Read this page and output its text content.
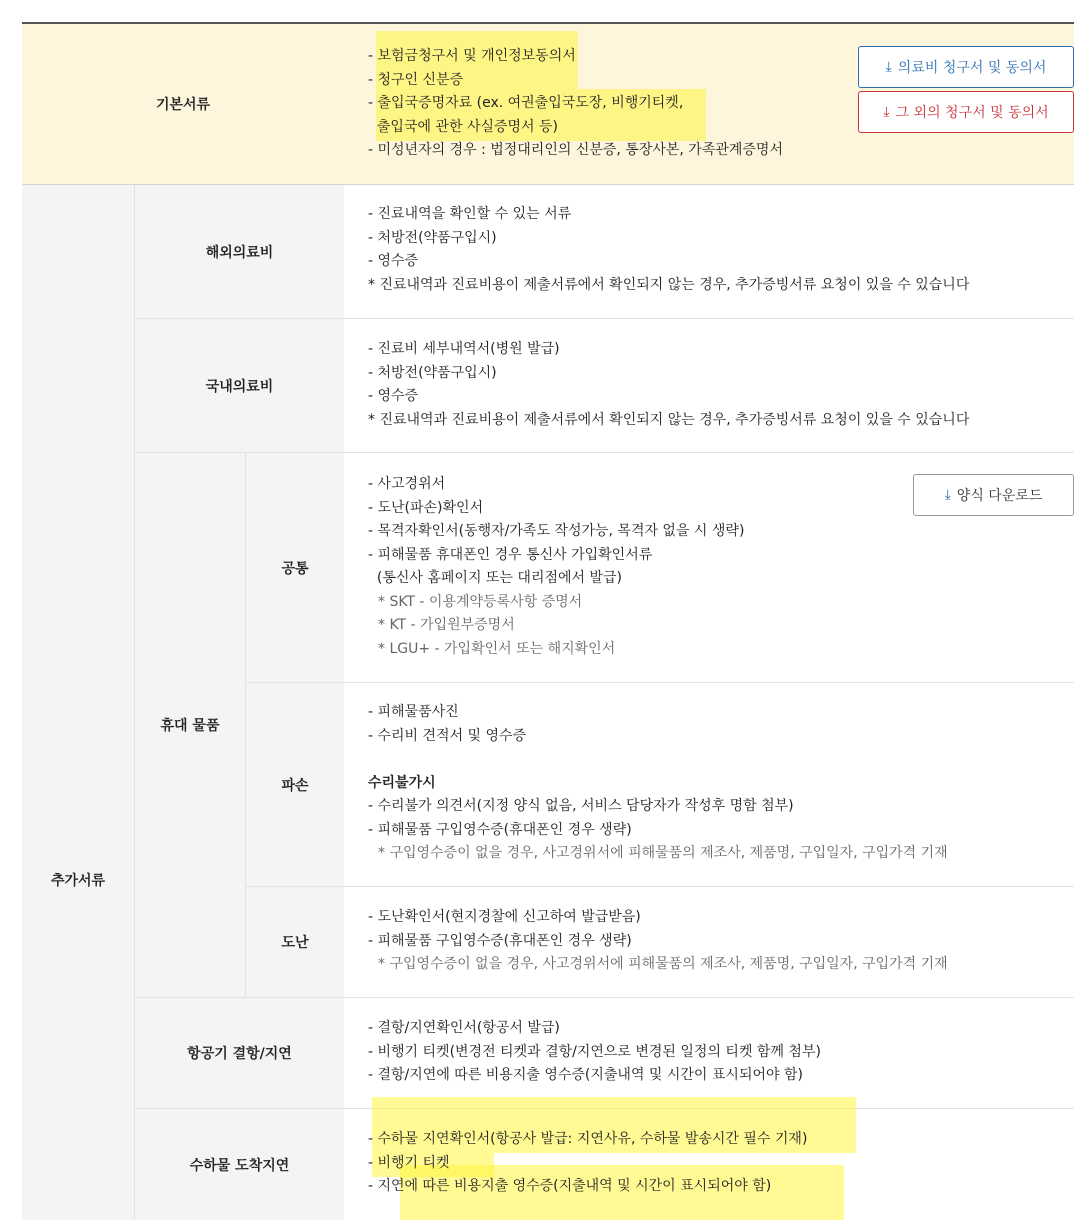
기본서류
- 보험금청구서 및 개인정보동의서
- 청구인 신분증
- 출입국증명자료 (ex. 여권출입국도장, 비행기티켓,
출입국에 관한 사실증명서 등)
- 미성년자의 경우 : 법정대리인의 신분증, 통장사본, 가족관계증명서
⤓ 의료비 청구서 및 동의서
⤓ 그 외의 청구서 및 동의서
추가서류
해외의료비
- 진료내역을 확인할 수 있는 서류
- 처방전(약품구입시)
- 영수증
* 진료내역과 진료비용이 제출서류에서 확인되지 않는 경우, 추가증빙서류 요청이 있을 수 있습니다
국내의료비
- 진료비 세부내역서(병원 발급)
- 처방전(약품구입시)
- 영수증
* 진료내역과 진료비용이 제출서류에서 확인되지 않는 경우, 추가증빙서류 요청이 있을 수 있습니다
휴대 물품
공통
- 사고경위서
- 도난(파손)확인서
- 목격자확인서(동행자/가족도 작성가능, 목격자 없을 시 생략)
- 피해물품 휴대폰인 경우 통신사 가입확인서류
(통신사 홈페이지 또는 대리점에서 발급)
* SKT - 이용계약등록사항 증명서
* KT - 가입원부증명서
* LGU+ - 가입확인서 또는 해지확인서
⤓ 양식 다운로드
파손
- 피해물품사진
- 수리비 견적서 및 영수증
수리불가시
- 수리불가 의견서(지정 양식 없음, 서비스 담당자가 작성후 명함 첨부)
- 피해물품 구입영수증(휴대폰인 경우 생략)
* 구입영수증이 없을 경우, 사고경위서에 피해물품의 제조사, 제품명, 구입일자, 구입가격 기재
도난
- 도난확인서(현지경찰에 신고하여 발급받음)
- 피해물품 구입영수증(휴대폰인 경우 생략)
* 구입영수증이 없을 경우, 사고경위서에 피해물품의 제조사, 제품명, 구입일자, 구입가격 기재
항공기 결항/지연
- 결항/지연확인서(항공서 발급)
- 비행기 티켓(변경전 티켓과 결항/지연으로 변경된 일정의 티켓 함께 첨부)
- 결항/지연에 따른 비용지출 영수증(지출내역 및 시간이 표시되어야 함)
수하물 도착지연
- 수하물 지연확인서(항공사 발급: 지연사유, 수하물 발송시간 필수 기재)
- 비행기 티켓
- 지연에 따른 비용지출 영수증(지출내역 및 시간이 표시되어야 함)
